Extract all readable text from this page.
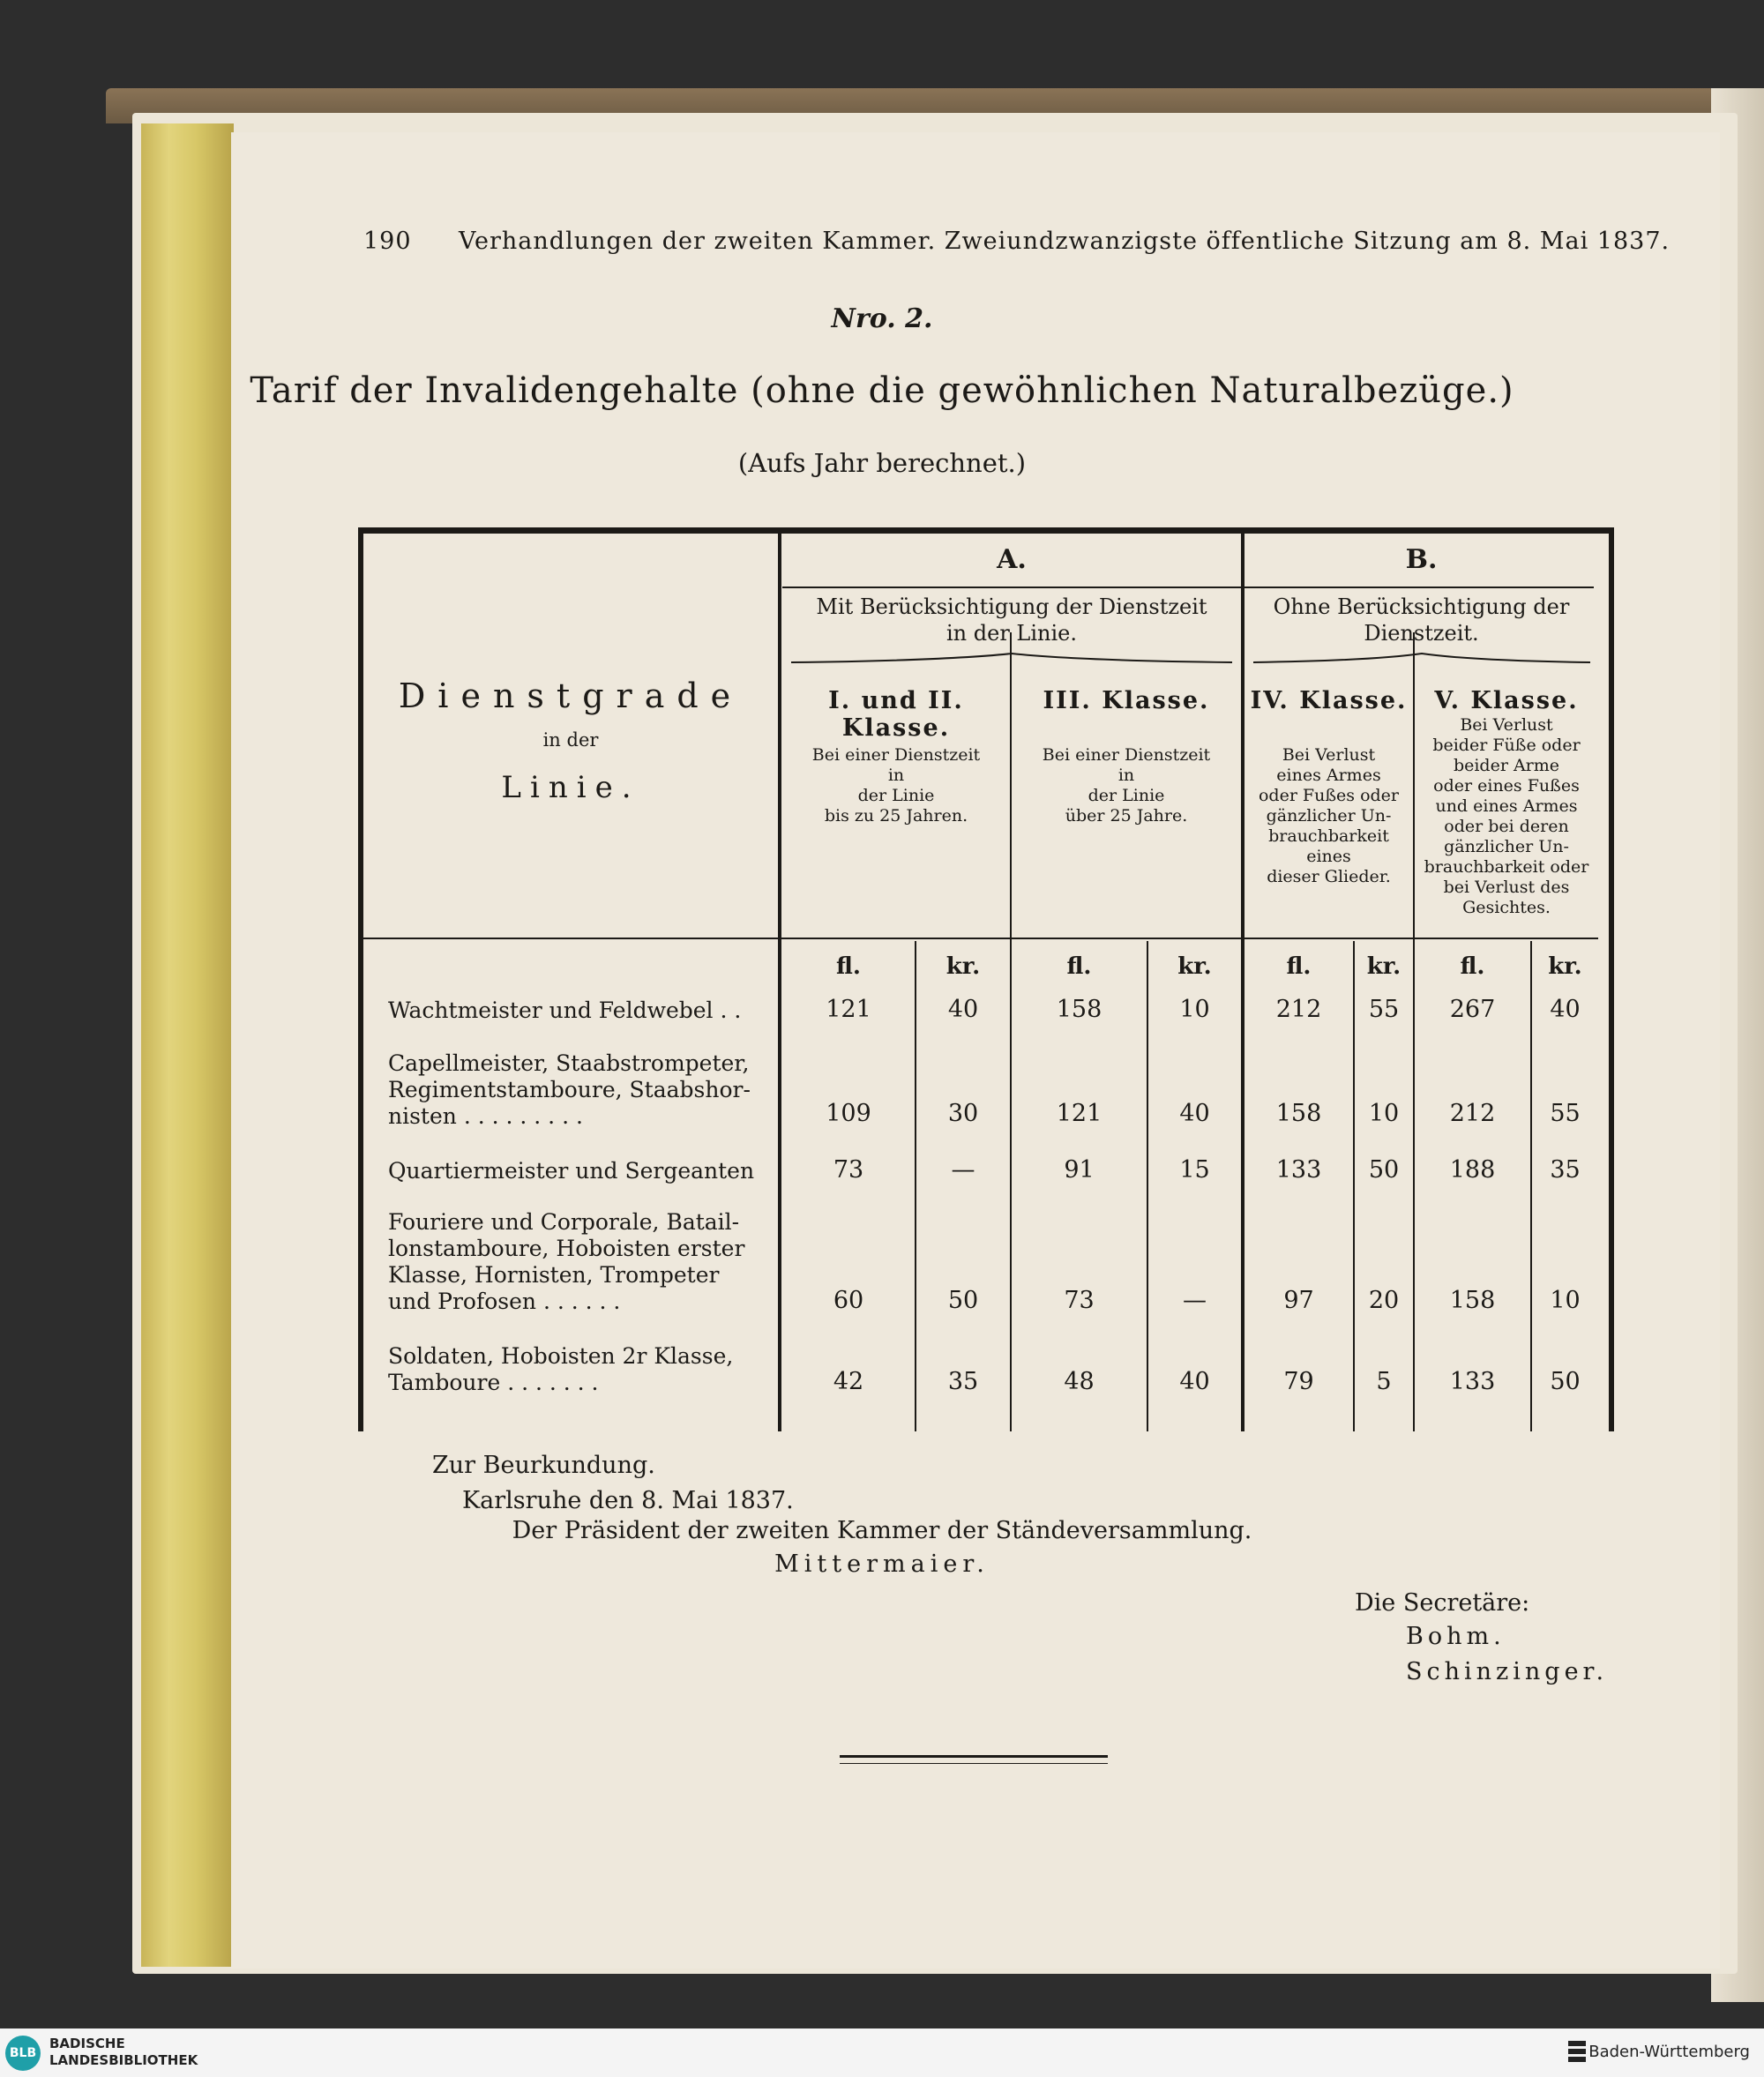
190 Verhandlungen der zweiten Kammer. Zweiundzwanzigste öffentliche Sitzung am 8. Mai 1837.
Nro. 2.
Tarif der Invalidengehalte (ohne die gewöhnlichen Naturalbezüge.)
(Aufs Jahr berechnet.)
A.	B.
Mit Berücksichtigung der Dienstzeit
in der Linie.
Ohne Berücksichtigung der
Dienstzeit.
Dienstgrade
in der
Linie.
I. und II. Klasse.
III. Klasse.	IV. Klasse.	V. Klasse.
Bei einer Dienstzeit
in
der Linie
bis zu 25 Jahren.
Bei einer Dienstzeit
in
der Linie
über 25 Jahre.
Bei Verlust
eines Armes
oder Fußes oder
gänzlicher Un-
brauchbarkeit eines
dieser Glieder.
Bei Verlust
beider Füße oder
beider Arme
oder eines Fußes
und eines Armes
oder bei deren
gänzlicher Un-
brauchbarkeit oder
bei Verlust des
Gesichtes.
fl.	kr.	fl.	kr.	fl.	kr.	fl.	kr.
Wachtmeister und Feldwebel . .	121	40	158	10	212	55	267	40
Capellmeister, Staabstrompeter,
Regimentstamboure, Staabshor-
nisten . . . . . . . . .	109	30	121	40	158	10	212	55
Quartiermeister und Sergeanten	73	—	91	15	133	50	188	35
Fouriere und Corporale, Batail-
lonstamboure, Hoboisten erster
Klasse, Hornisten, Trompeter
und Profosen . . . . . .	60	50	73	—	97	20	158	10
Soldaten, Hoboisten 2r Klasse,
Tamboure . . . . . . .	42	35	48	40	79	5	133	50
Zur Beurkundung.
Karlsruhe den 8. Mai 1837.
Der Präsident der zweiten Kammer der Ständeversammlung.
Mittermaier.
Die Secretäre:
Bohm.
Schinzinger.
BLB
BADISCHE
LANDESBIBLIOTHEK	Baden-Württemberg
